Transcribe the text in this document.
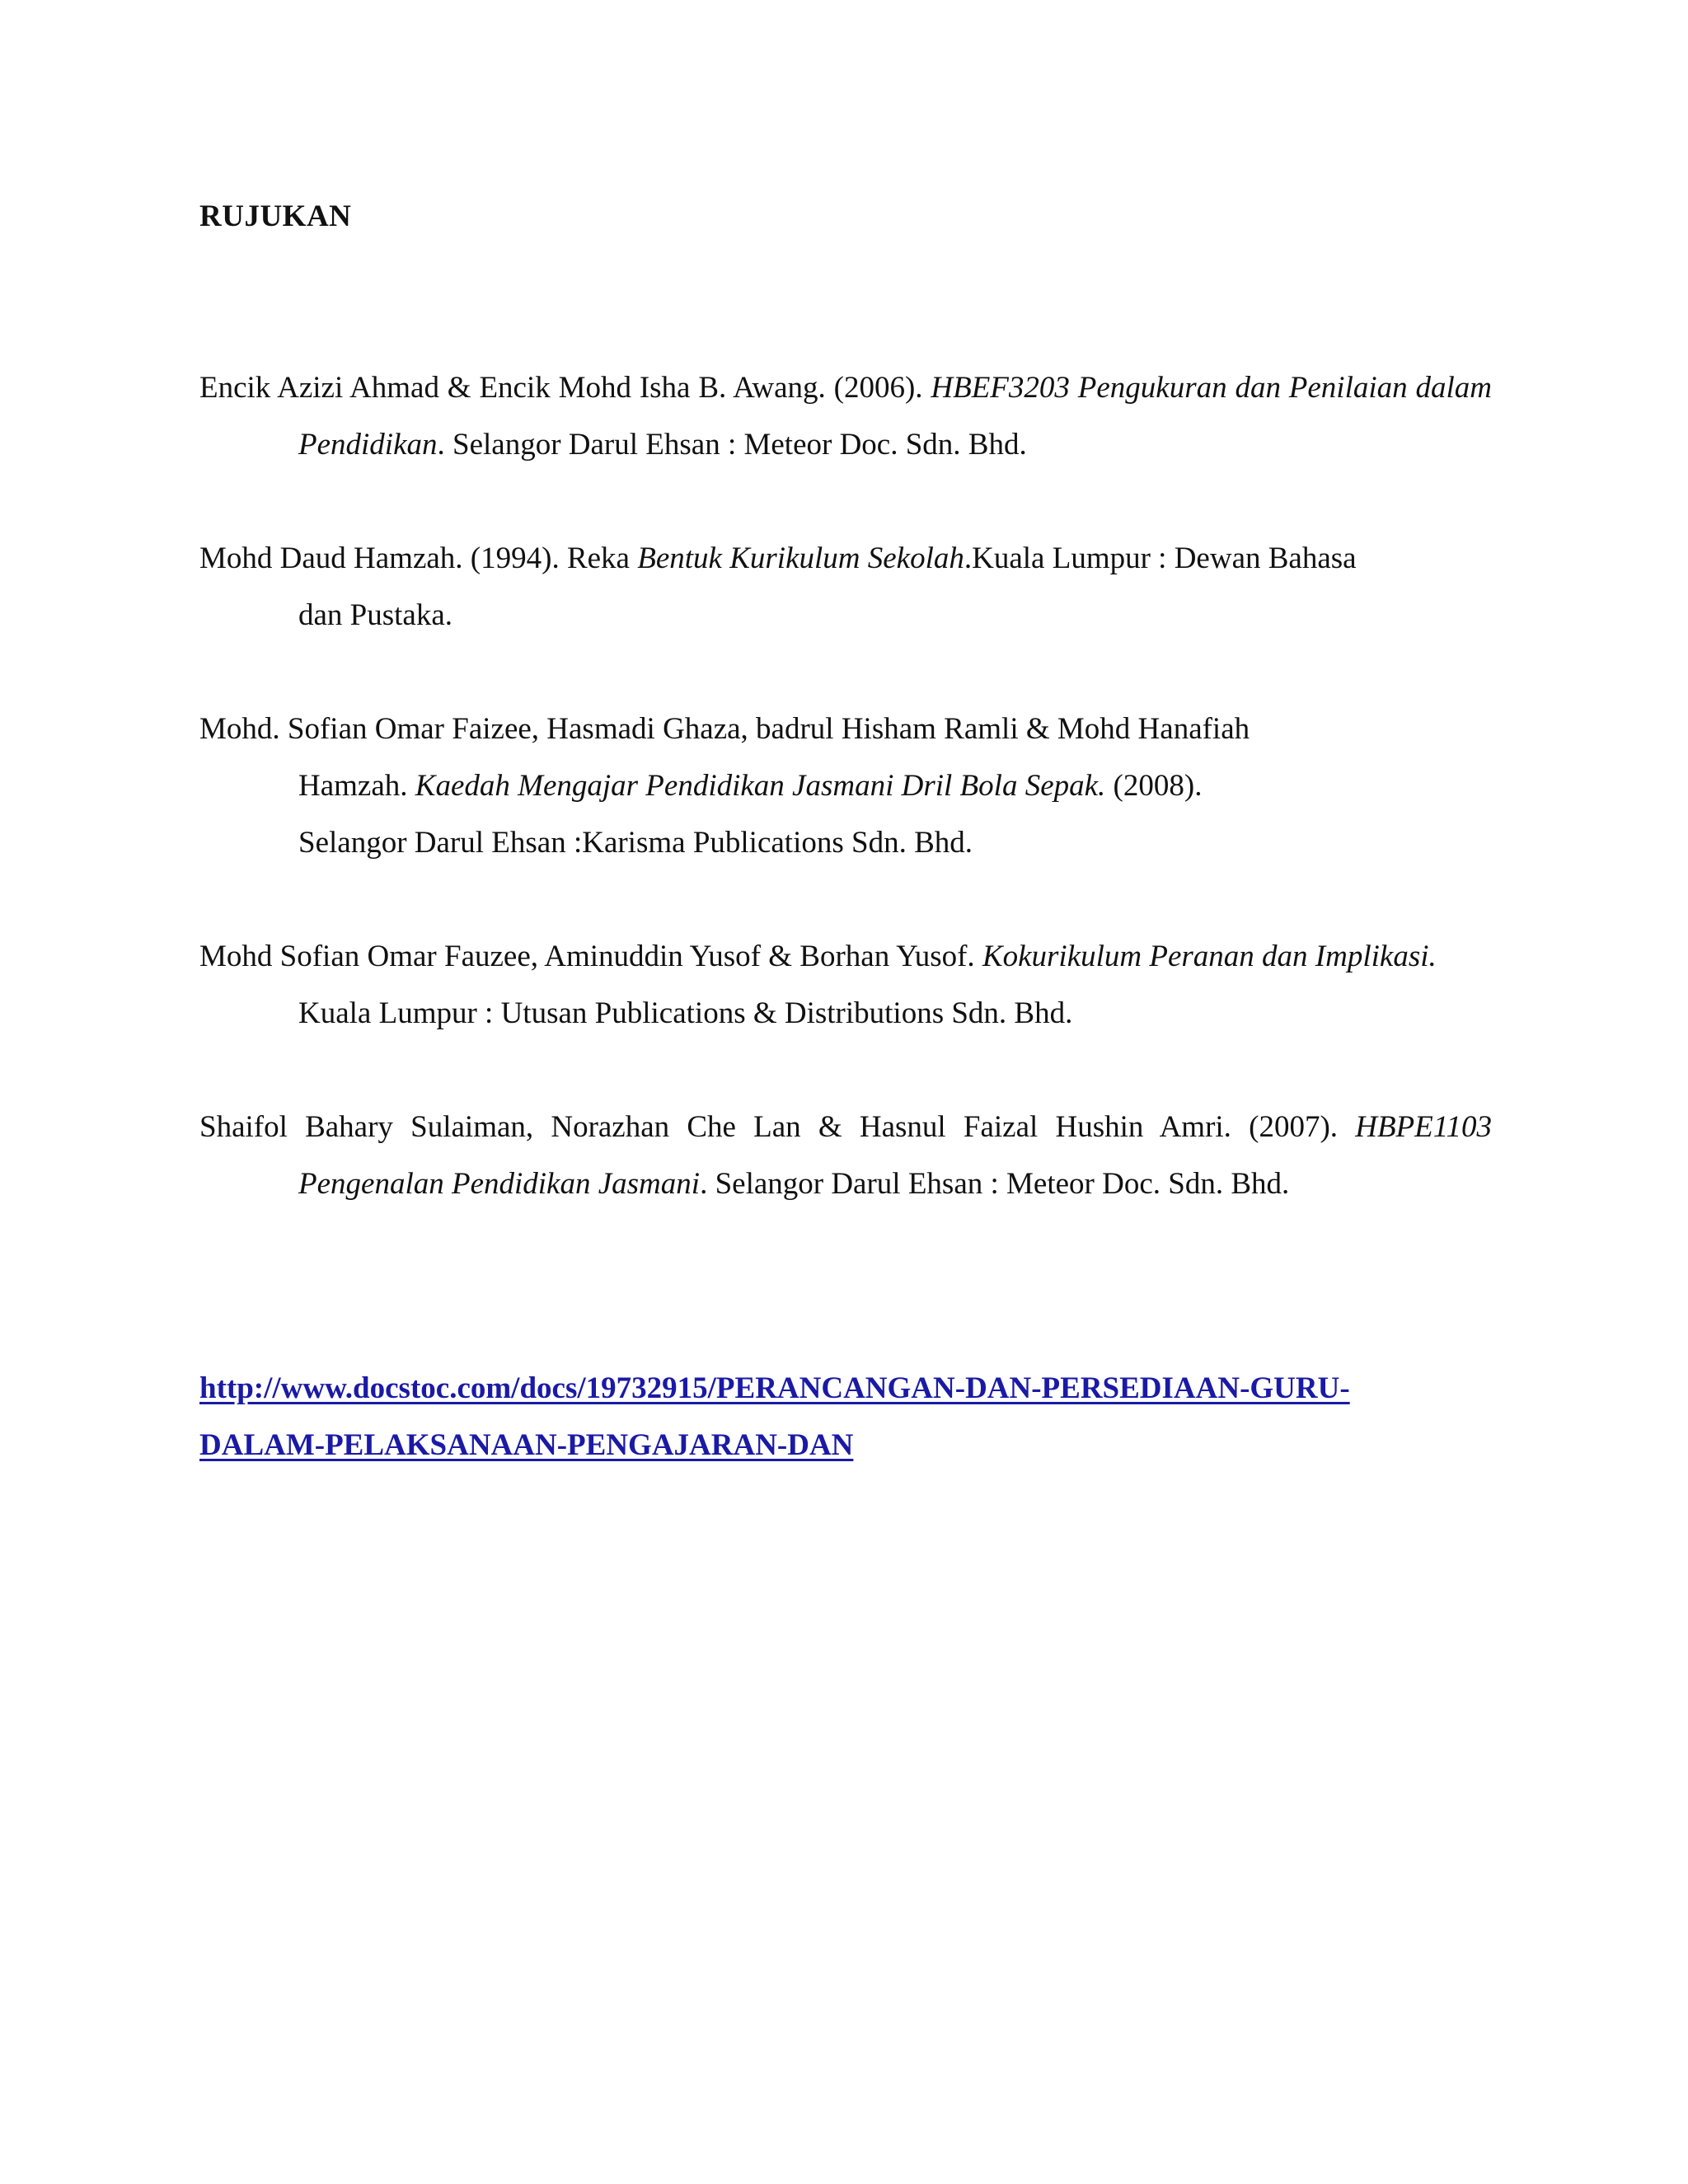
RUJUKAN

Encik Azizi Ahmad & Encik Mohd Isha B. Awang. (2006). HBEF3203 Pengukuran dan Penilaian dalam Pendidikan. Selangor Darul Ehsan : Meteor Doc. Sdn. Bhd.

Mohd Daud Hamzah. (1994). Reka Bentuk Kurikulum Sekolah.Kuala Lumpur : Dewan Bahasa dan Pustaka.

Mohd. Sofian Omar Faizee, Hasmadi Ghaza, badrul Hisham Ramli & Mohd Hanafiah Hamzah. Kaedah Mengajar Pendidikan Jasmani Dril Bola Sepak. (2008). Selangor Darul Ehsan :Karisma Publications Sdn. Bhd.

Mohd Sofian Omar Fauzee, Aminuddin Yusof & Borhan Yusof. Kokurikulum Peranan dan Implikasi. Kuala Lumpur : Utusan Publications & Distributions Sdn. Bhd.

Shaifol Bahary Sulaiman, Norazhan Che Lan & Hasnul Faizal Hushin Amri. (2007). HBPE1103 Pengenalan Pendidikan Jasmani. Selangor Darul Ehsan : Meteor Doc. Sdn. Bhd.

http://www.docstoc.com/docs/19732915/PERANCANGAN-DAN-PERSEDIAAN-GURU-
DALAM-PELAKSANAAN-PENGAJARAN-DAN
